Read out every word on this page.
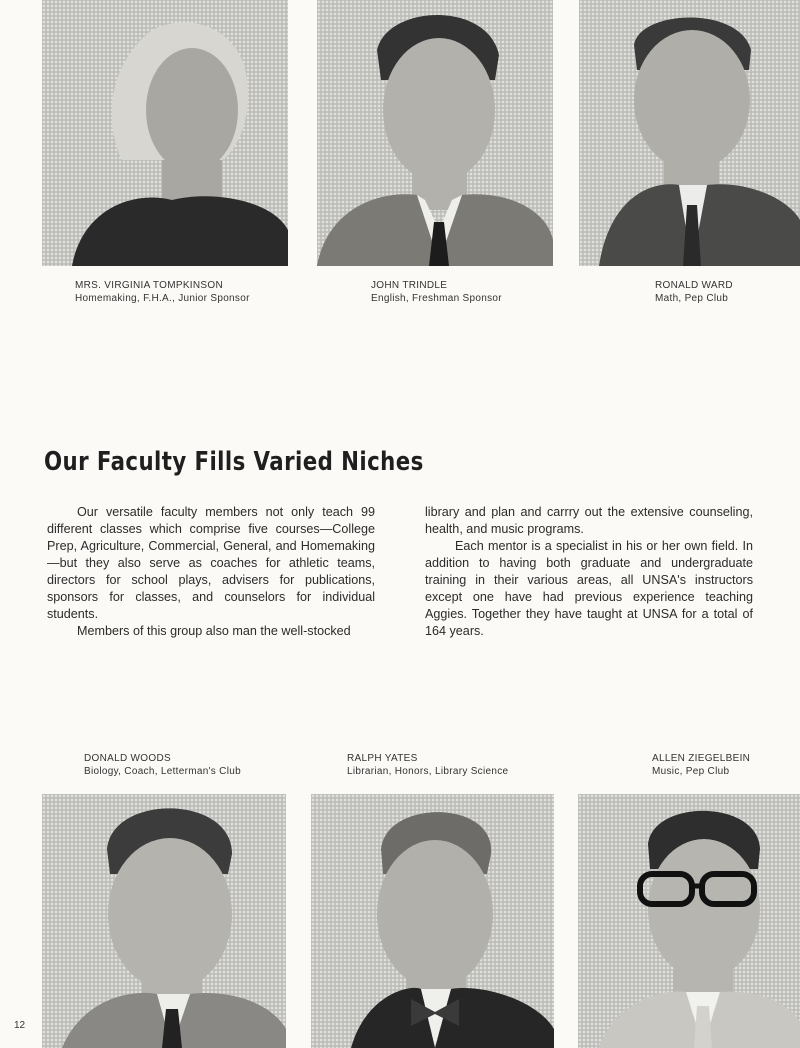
MRS. VIRGINIA TOMPKINSON
Homemaking, F.H.A., Junior Sponsor
JOHN TRINDLE
English, Freshman Sponsor
RONALD WARD
Math, Pep Club
Our Faculty Fills Varied Niches

Our versatile faculty members not only teach 99 different classes which comprise five courses—College Prep, Agriculture, Commercial, General, and Homemaking—but they also serve as coaches for athletic teams, directors for school plays, advisers for publications, sponsors for classes, and counselors for individual students.

Members of this group also man the well-stocked

library and plan and carrry out the extensive counseling, health, and music programs.

Each mentor is a specialist in his or her own field. In addition to having both graduate and undergraduate training in their various areas, all UNSA's instructors except one have had previous experience teaching Aggies. Together they have taught at UNSA for a total of 164 years.

DONALD WOODS
Biology, Coach, Letterman's Club
RALPH YATES
Librarian, Honors, Library Science
ALLEN ZIEGELBEIN
Music, Pep Club
12
